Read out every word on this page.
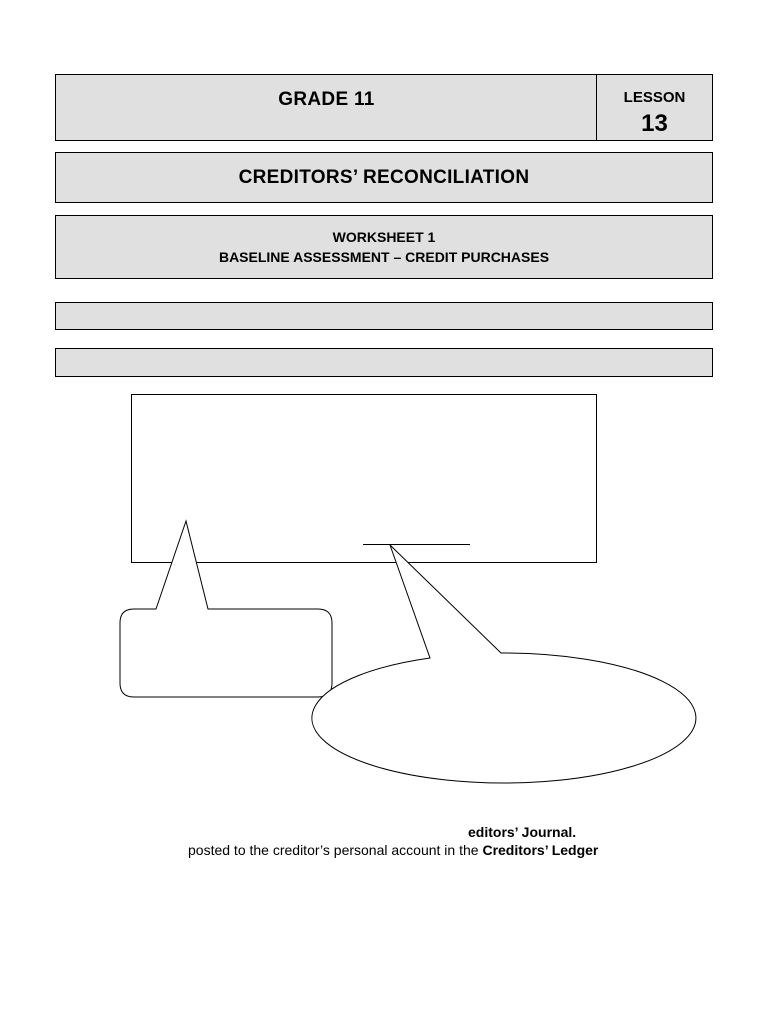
GRADE 11	LESSON
13
CREDITORS’ RECONCILIATION
WORKSHEET 1
BASELINE ASSESSMENT – CREDIT PURCHASES
editors’ Journal.
posted to the creditor’s personal account in the Creditors’ Ledger
